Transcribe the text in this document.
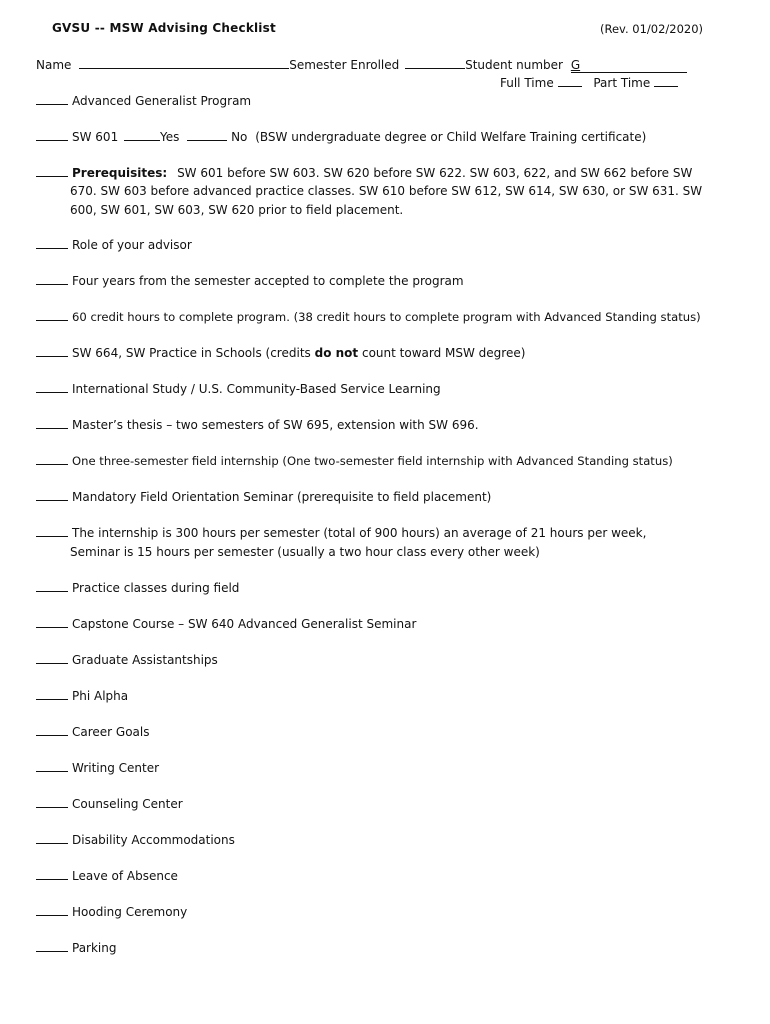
GVSU -- MSW Advising Checklist	(Rev. 01/02/2020)
Name	Semester Enrolled	Student number G
Full Time	Part Time
Advanced Generalist Program
SW 601	Yes	No (BSW undergraduate degree or Child Welfare Training certificate)
Prerequisites: SW 601 before SW 603. SW 620 before SW 622. SW 603, 622, and SW 662 before SW
670. SW 603 before advanced practice classes. SW 610 before SW 612, SW 614, SW 630, or SW 631. SW
600, SW 601, SW 603, SW 620 prior to field placement.
Role of your advisor
Four years from the semester accepted to complete the program
60 credit hours to complete program. (38 credit hours to complete program with Advanced Standing status)
SW 664, SW Practice in Schools (credits do not count toward MSW degree)
International Study / U.S. Community-Based Service Learning
Master’s thesis – two semesters of SW 695, extension with SW 696.
One three-semester field internship (One two-semester field internship with Advanced Standing status)
Mandatory Field Orientation Seminar (prerequisite to field placement)
The internship is 300 hours per semester (total of 900 hours) an average of 21 hours per week,
Seminar is 15 hours per semester (usually a two hour class every other week)
Practice classes during field
Capstone Course – SW 640 Advanced Generalist Seminar
Graduate Assistantships
Phi Alpha
Career Goals
Writing Center
Counseling Center
Disability Accommodations
Leave of Absence
Hooding Ceremony
Parking
